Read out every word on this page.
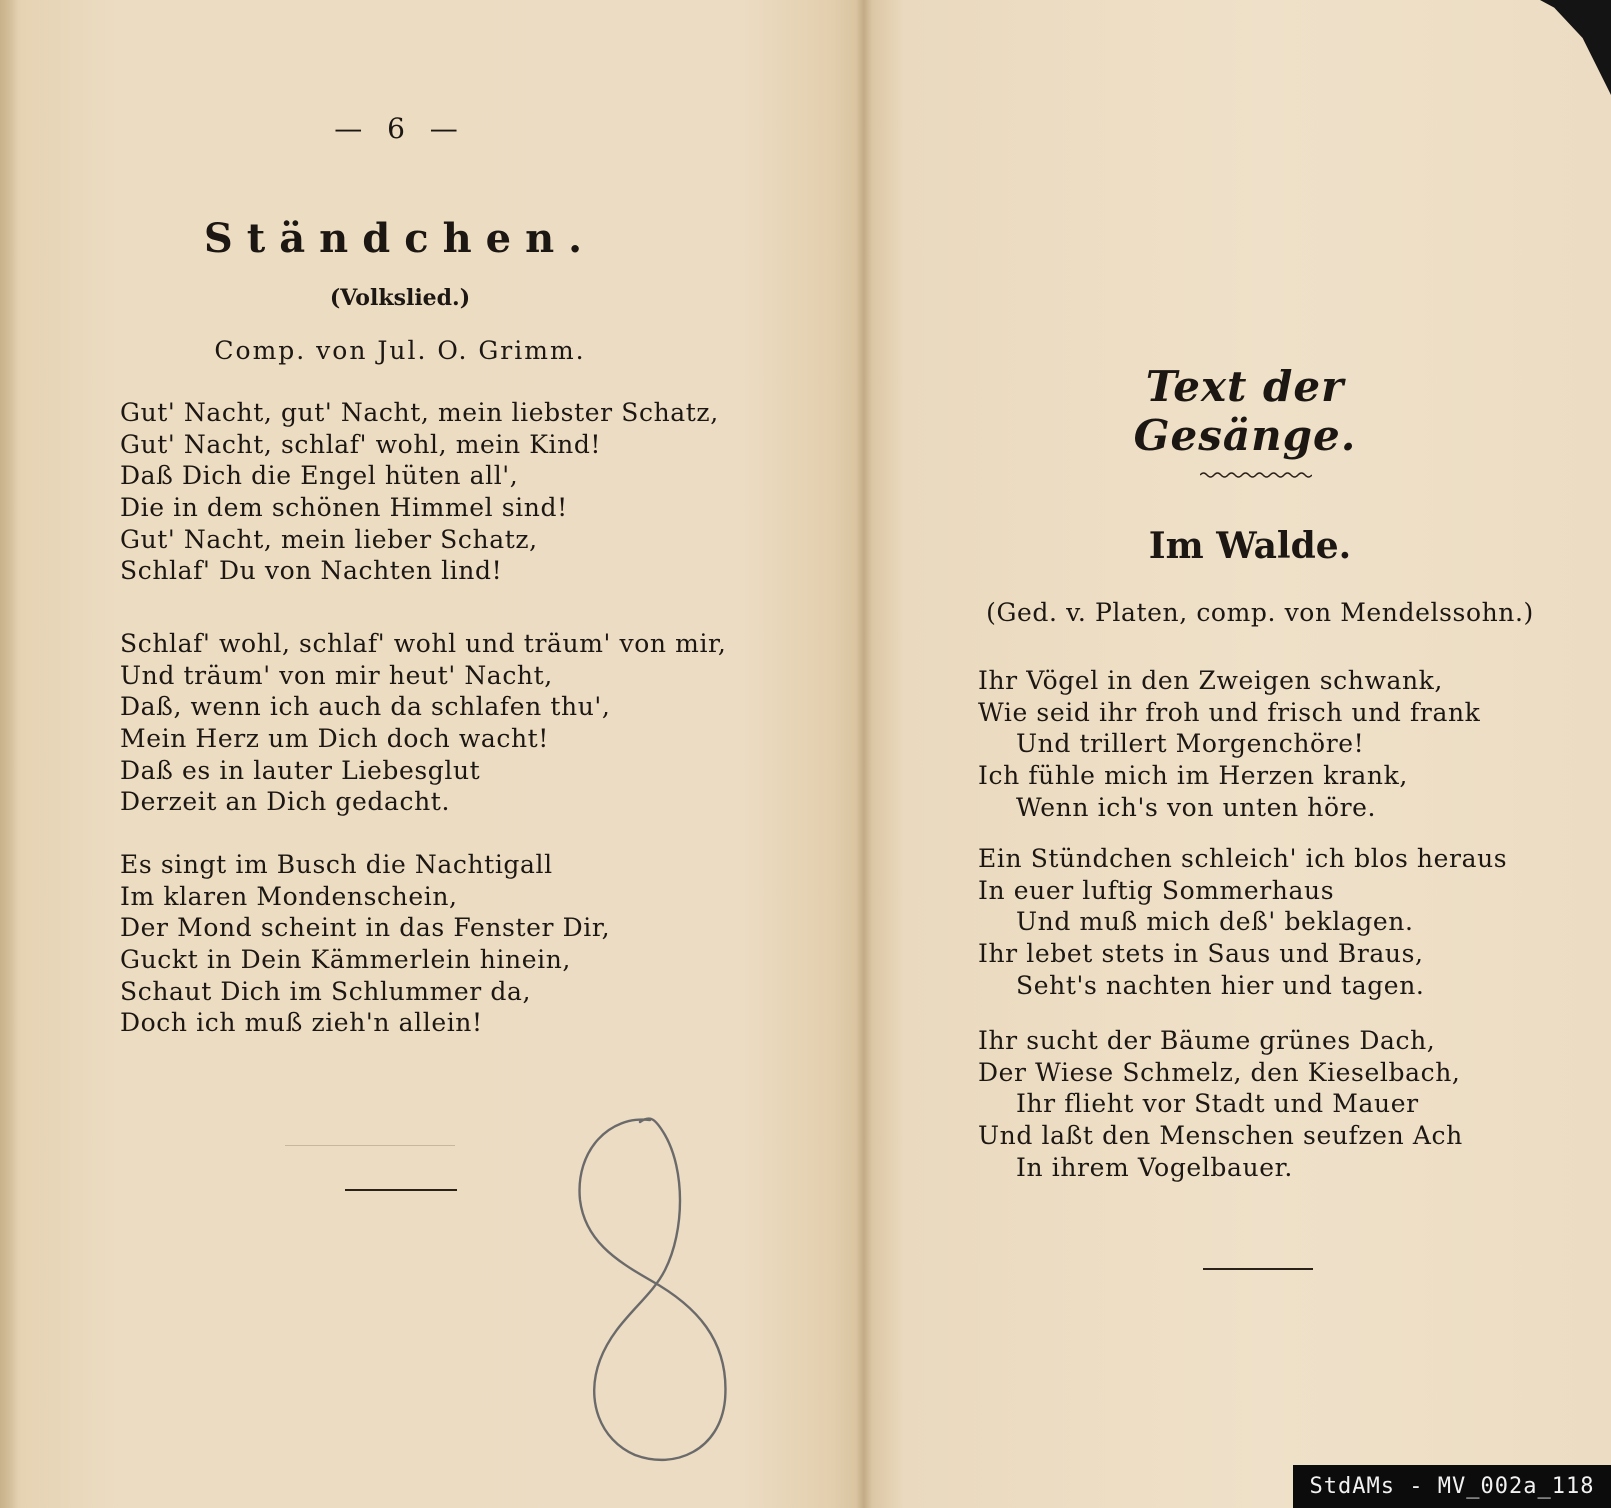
— 6 —
Ständchen.
(Volkslied.)
Comp. von Jul. O. Grimm.
Gut' Nacht, gut' Nacht, mein liebster Schatz,
Gut' Nacht, schlaf' wohl, mein Kind!
Daß Dich die Engel hüten all',
Die in dem schönen Himmel sind!
Gut' Nacht, mein lieber Schatz,
Schlaf' Du von Nachten lind!
Schlaf' wohl, schlaf' wohl und träum' von mir,
Und träum' von mir heut' Nacht,
Daß, wenn ich auch da schlafen thu',
Mein Herz um Dich doch wacht!
Daß es in lauter Liebesglut
Derzeit an Dich gedacht.
Es singt im Busch die Nachtigall
Im klaren Mondenschein,
Der Mond scheint in das Fenster Dir,
Guckt in Dein Kämmerlein hinein,
Schaut Dich im Schlummer da,
Doch ich muß zieh'n allein!
Text der Gesänge.
Im Walde.
(Ged. v. Platen, comp. von Mendelssohn.)
Ihr Vögel in den Zweigen schwank,
Wie seid ihr froh und frisch und frank
Und trillert Morgenchöre!
Ich fühle mich im Herzen krank,
Wenn ich's von unten höre.
Ein Stündchen schleich' ich blos heraus
In euer luftig Sommerhaus
Und muß mich deß' beklagen.
Ihr lebet stets in Saus und Braus,
Seht's nachten hier und tagen.
Ihr sucht der Bäume grünes Dach,
Der Wiese Schmelz, den Kieselbach,
Ihr flieht vor Stadt und Mauer
Und laßt den Menschen seufzen Ach
In ihrem Vogelbauer.
StdAMs - MV_002a_118
